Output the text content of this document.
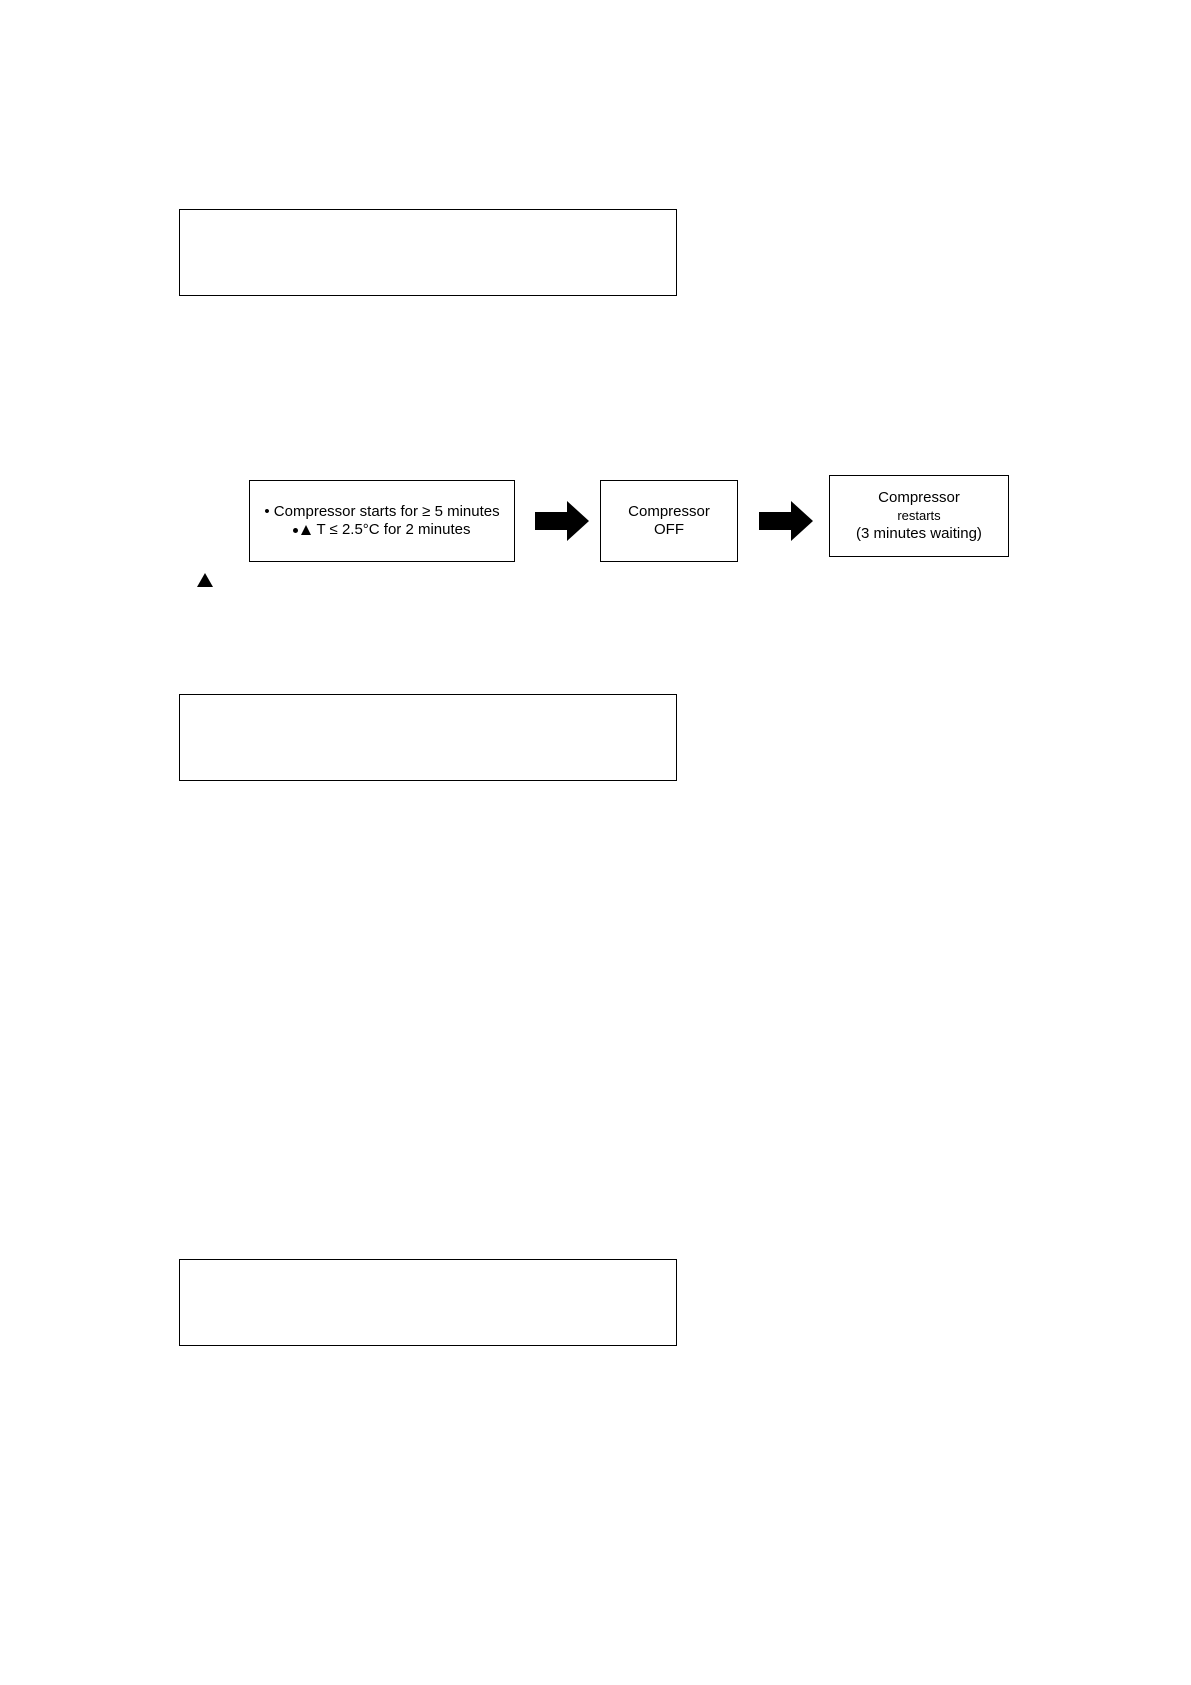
• Compressor starts for ≥ 5 minutes
T ≤ 2.5°C for 2 minutes
Compressor
OFF
Compressor
restarts
(3 minutes waiting)
